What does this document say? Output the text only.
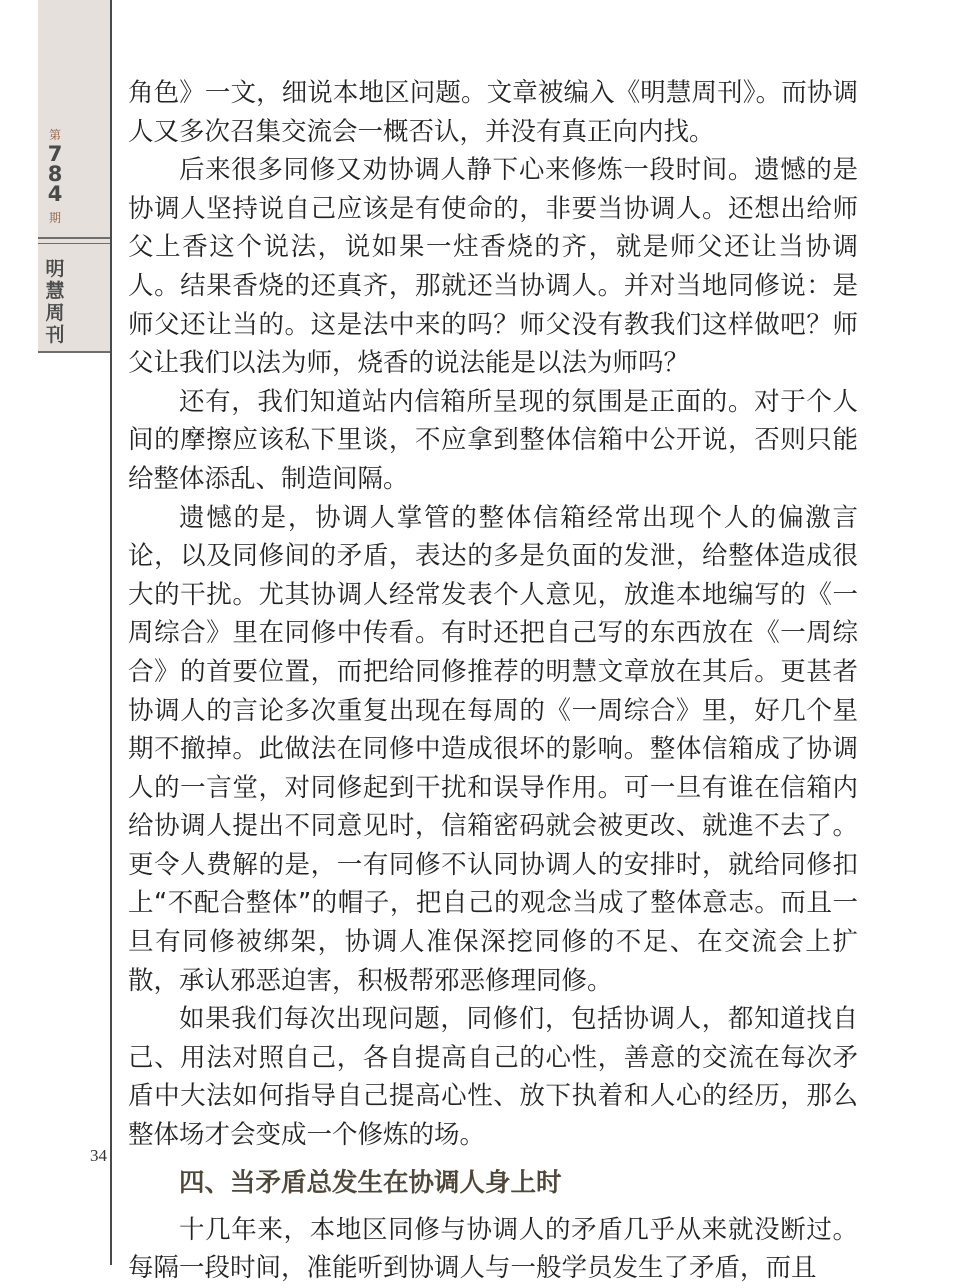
第
784
期
明慧周刊
34

角色》一文，细说本地区问题。文章被编入《明慧周刊》。而协调人又多次召集交流会一概否认，并没有真正向内找。

后来很多同修又劝协调人静下心来修炼一段时间。遗憾的是协调人坚持说自己应该是有使命的，非要当协调人。还想出给师父上香这个说法，说如果一炷香烧的齐，就是师父还让当协调人。结果香烧的还真齐，那就还当协调人。并对当地同修说：是师父还让当的。这是法中来的吗？师父没有教我们这样做吧？师父让我们以法为师，烧香的说法能是以法为师吗？

还有，我们知道站内信箱所呈现的氛围是正面的。对于个人间的摩擦应该私下里谈，不应拿到整体信箱中公开说，否则只能给整体添乱、制造间隔。

遗憾的是，协调人掌管的整体信箱经常出现个人的偏激言论，以及同修间的矛盾，表达的多是负面的发泄，给整体造成很大的干扰。尤其协调人经常发表个人意见，放進本地编写的《一周综合》里在同修中传看。有时还把自己写的东西放在《一周综合》的首要位置，而把给同修推荐的明慧文章放在其后。更甚者协调人的言论多次重复出现在每周的《一周综合》里，好几个星期不撤掉。此做法在同修中造成很坏的影响。整体信箱成了协调人的一言堂，对同修起到干扰和误导作用。可一旦有谁在信箱内给协调人提出不同意见时，信箱密码就会被更改、就進不去了。更令人费解的是，一有同修不认同协调人的安排时，就给同修扣上“不配合整体”的帽子，把自己的观念当成了整体意志。而且一旦有同修被绑架，协调人准保深挖同修的不足、在交流会上扩散，承认邪恶迫害，积极帮邪恶修理同修。

如果我们每次出现问题，同修们，包括协调人，都知道找自己、用法对照自己，各自提高自己的心性，善意的交流在每次矛盾中大法如何指导自己提高心性、放下执着和人心的经历，那么整体场才会变成一个修炼的场。

四、当矛盾总发生在协调人身上时

十几年来，本地区同修与协调人的矛盾几乎从来就没断过。每隔一段时间，准能听到协调人与一般学员发生了矛盾，而且
